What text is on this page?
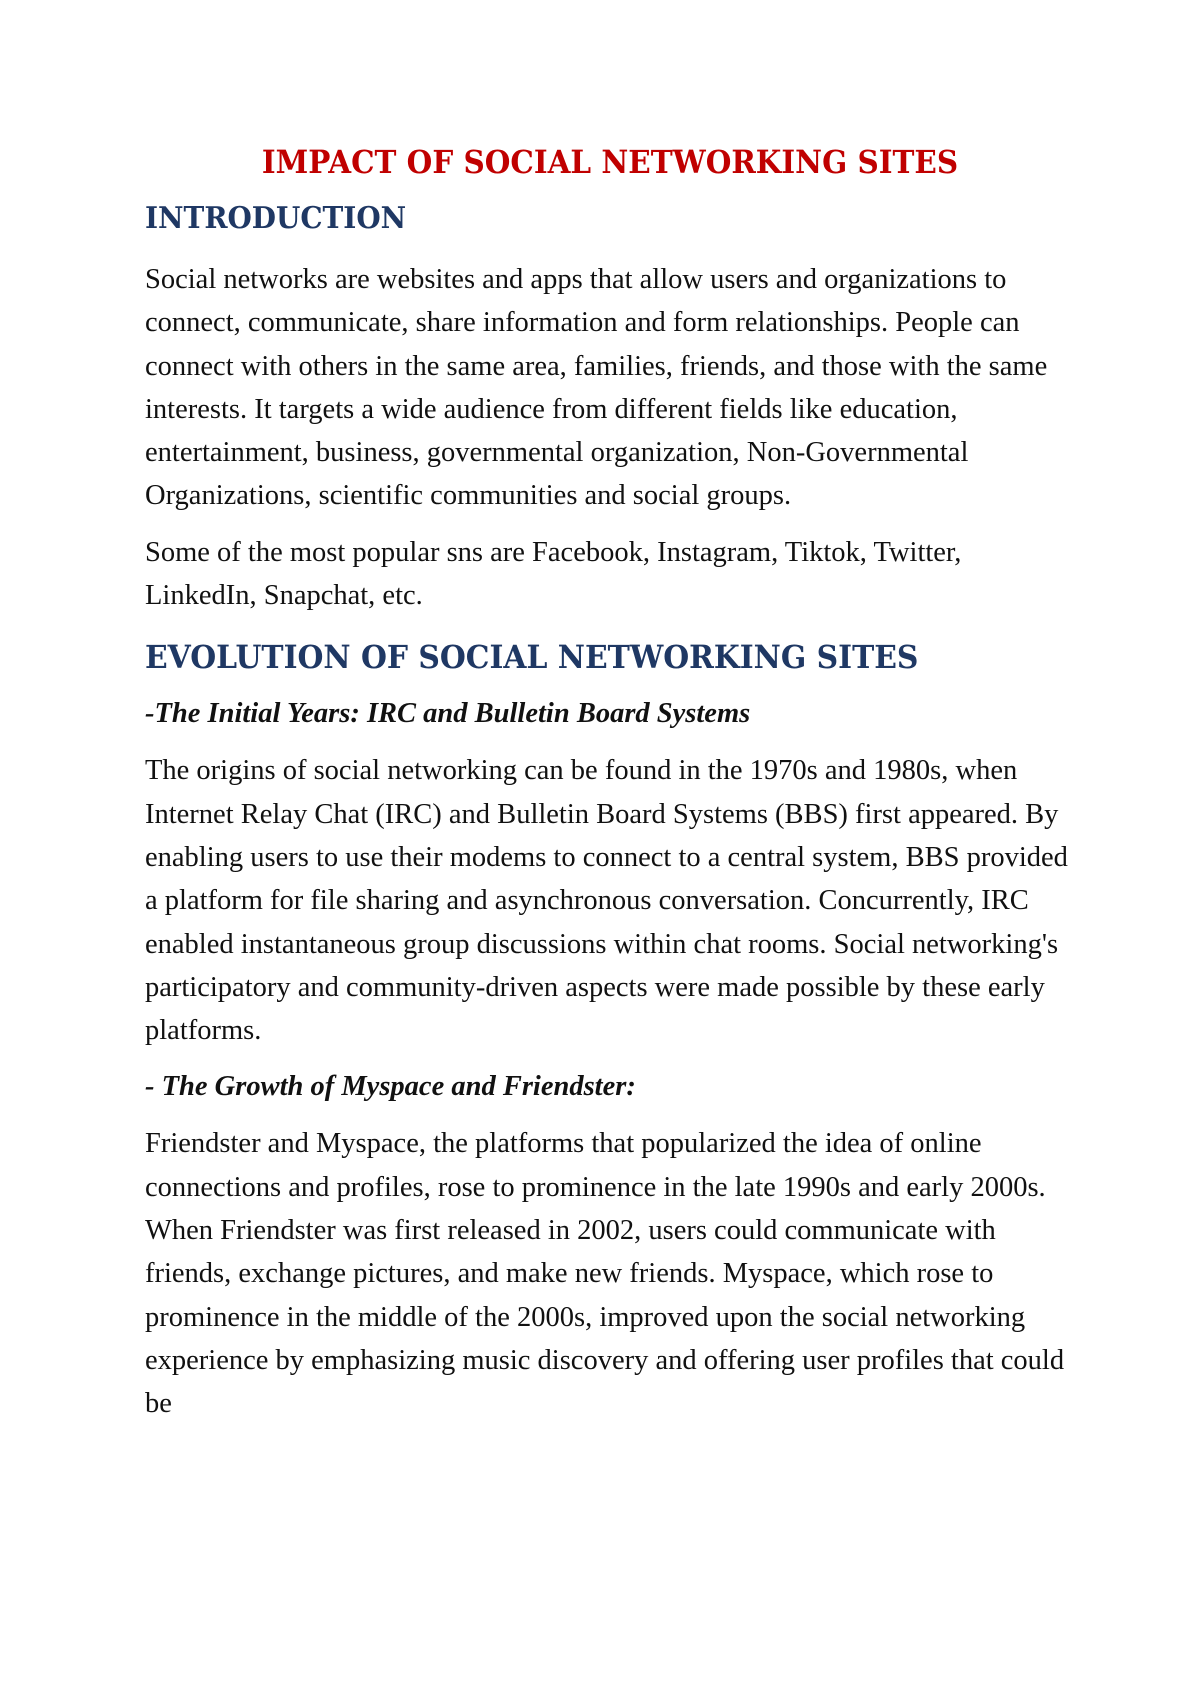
IMPACT OF SOCIAL NETWORKING SITES
INTRODUCTION

Social networks are websites and apps that allow users and organizations to connect, communicate, share information and form relationships. People can connect with others in the same area, families, friends, and those with the same interests. It targets a wide audience from different fields like education, entertainment, business, governmental organization, Non-Governmental Organizations, scientific communities and social groups.

Some of the most popular sns are Facebook, Instagram, Tiktok, Twitter, LinkedIn, Snapchat, etc.

EVOLUTION OF SOCIAL NETWORKING SITES
-The Initial Years: IRC and Bulletin Board Systems

The origins of social networking can be found in the 1970s and 1980s, when Internet Relay Chat (IRC) and Bulletin Board Systems (BBS) first appeared. By enabling users to use their modems to connect to a central system, BBS provided a platform for file sharing and asynchronous conversation. Concurrently, IRC enabled instantaneous group discussions within chat rooms. Social networking's participatory and community-driven aspects were made possible by these early platforms.

- The Growth of Myspace and Friendster:

Friendster and Myspace, the platforms that popularized the idea of online connections and profiles, rose to prominence in the late 1990s and early 2000s. When Friendster was first released in 2002, users could communicate with friends, exchange pictures, and make new friends. Myspace, which rose to prominence in the middle of the 2000s, improved upon the social networking experience by emphasizing music discovery and offering user profiles that could be
